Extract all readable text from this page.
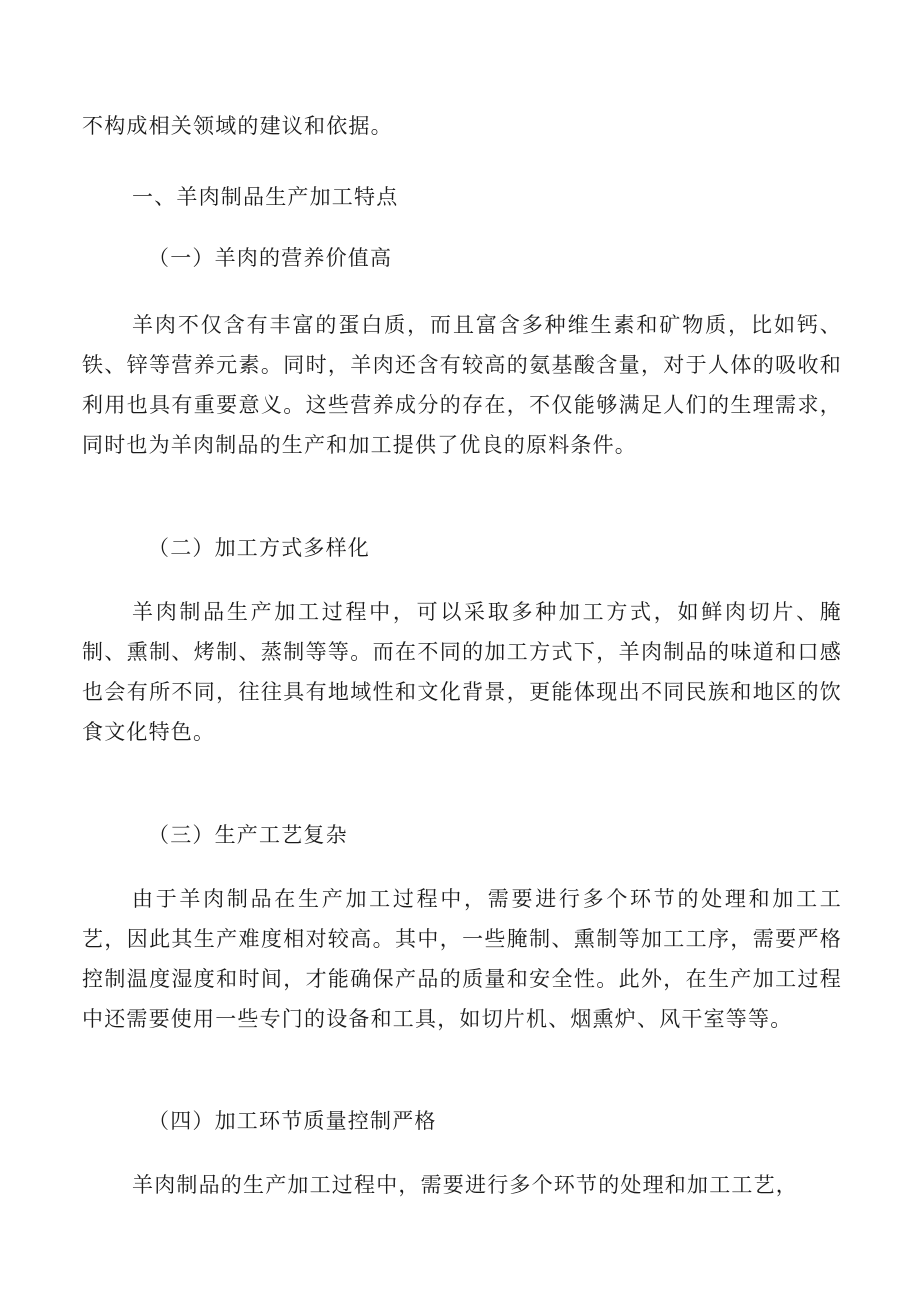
不构成相关领域的建议和依据。

一、羊肉制品生产加工特点

（一）羊肉的营养价值高

羊肉不仅含有丰富的蛋白质，而且富含多种维生素和矿物质，比如钙、铁、锌等营养元素。同时，羊肉还含有较高的氨基酸含量，对于人体的吸收和利用也具有重要意义。这些营养成分的存在，不仅能够满足人们的生理需求，同时也为羊肉制品的生产和加工提供了优良的原料条件。

（二）加工方式多样化

羊肉制品生产加工过程中，可以采取多种加工方式，如鲜肉切片、腌制、熏制、烤制、蒸制等等。而在不同的加工方式下，羊肉制品的味道和口感也会有所不同，往往具有地域性和文化背景，更能体现出不同民族和地区的饮食文化特色。

（三）生产工艺复杂

由于羊肉制品在生产加工过程中，需要进行多个环节的处理和加工工艺，因此其生产难度相对较高。其中，一些腌制、熏制等加工工序，需要严格控制温度湿度和时间，才能确保产品的质量和安全性。此外，在生产加工过程中还需要使用一些专门的设备和工具，如切片机、烟熏炉、风干室等等。

（四）加工环节质量控制严格

羊肉制品的生产加工过程中，需要进行多个环节的处理和加工工艺，
